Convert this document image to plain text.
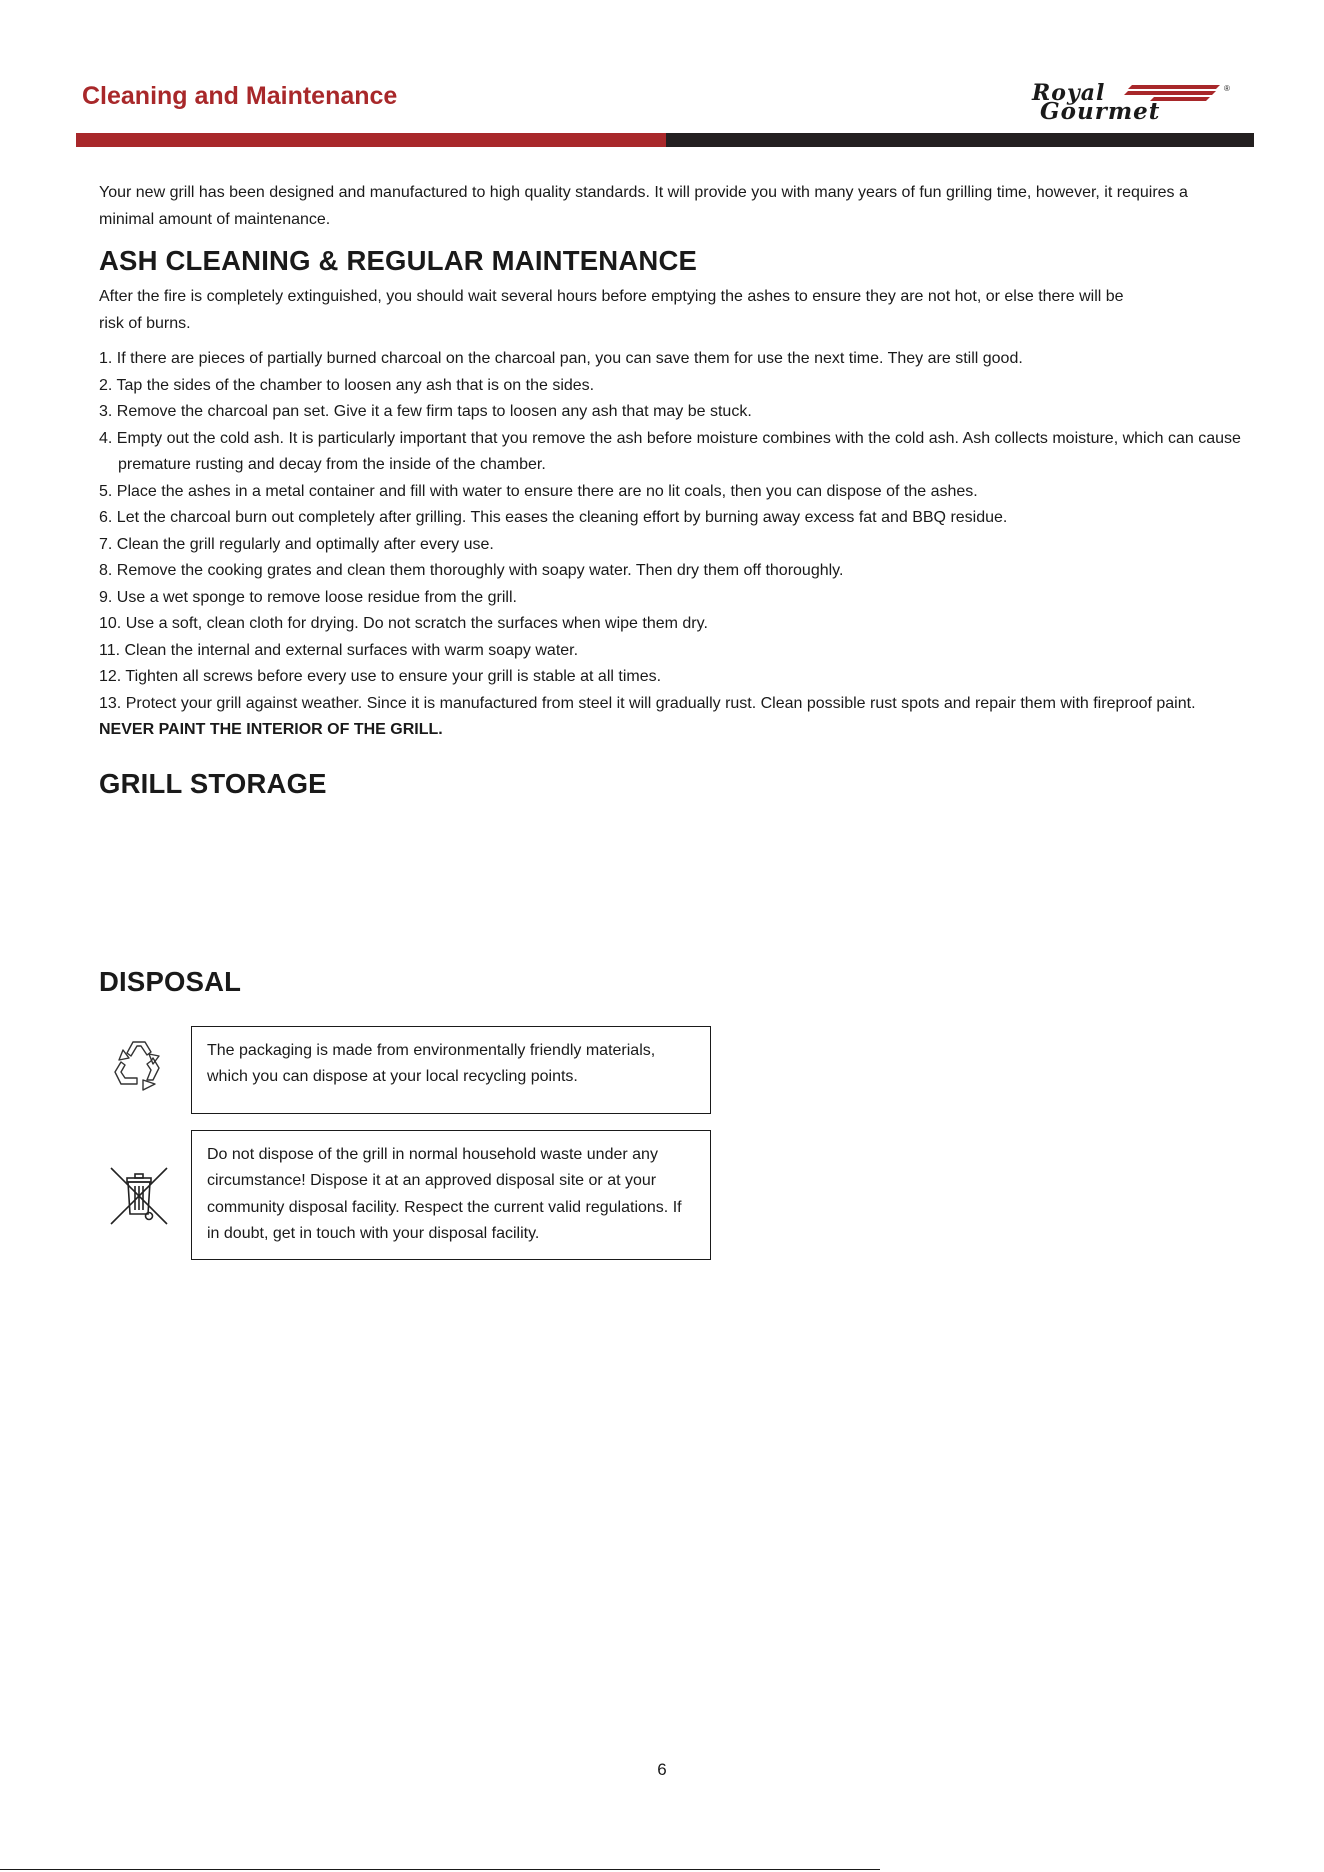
Cleaning and Maintenance	Royal
Gourmet
®

Your new grill has been designed and manufactured to high quality standards. It will provide you with many years of fun grilling time, however, it requires a minimal amount of maintenance.

ASH CLEANING & REGULAR MAINTENANCE

After the fire is completely extinguished, you should wait several hours before emptying the ashes to ensure they are not hot, or else there will be risk of burns.

1. If there are pieces of partially burned charcoal on the charcoal pan, you can save them for use the next time. They are still good.
2. Tap the sides of the chamber to loosen any ash that is on the sides.
3. Remove the charcoal pan set. Give it a few firm taps to loosen any ash that may be stuck.
4. Empty out the cold ash. It is particularly important that you remove the ash before moisture combines with the cold ash. Ash collects moisture, which can cause premature rusting and decay from the inside of the chamber.
5. Place the ashes in a metal container and fill with water to ensure there are no lit coals, then you can dispose of the ashes.
6. Let the charcoal burn out completely after grilling. This eases the cleaning effort by burning away excess fat and BBQ residue.
7. Clean the grill regularly and optimally after every use.
8. Remove the cooking grates and clean them thoroughly with soapy water. Then dry them off thoroughly.
9. Use a wet sponge to remove loose residue from the grill.
10. Use a soft, clean cloth for drying. Do not scratch the surfaces when wipe them dry.
11. Clean the internal and external surfaces with warm soapy water.
12. Tighten all screws before every use to ensure your grill is stable at all times.
13. Protect your grill against weather. Since it is manufactured from steel it will gradually rust. Clean possible rust spots and repair them with fireproof paint.
NEVER PAINT THE INTERIOR OF THE GRILL.
GRILL STORAGE
DISPOSAL

The packaging is made from environmentally friendly materials, which you can dispose at your local recycling points.

Do not dispose of the grill in normal household waste under any circumstance! Dispose it at an approved disposal site or at your community disposal facility. Respect the current valid regulations. If in doubt, get in touch with your disposal facility.

6
